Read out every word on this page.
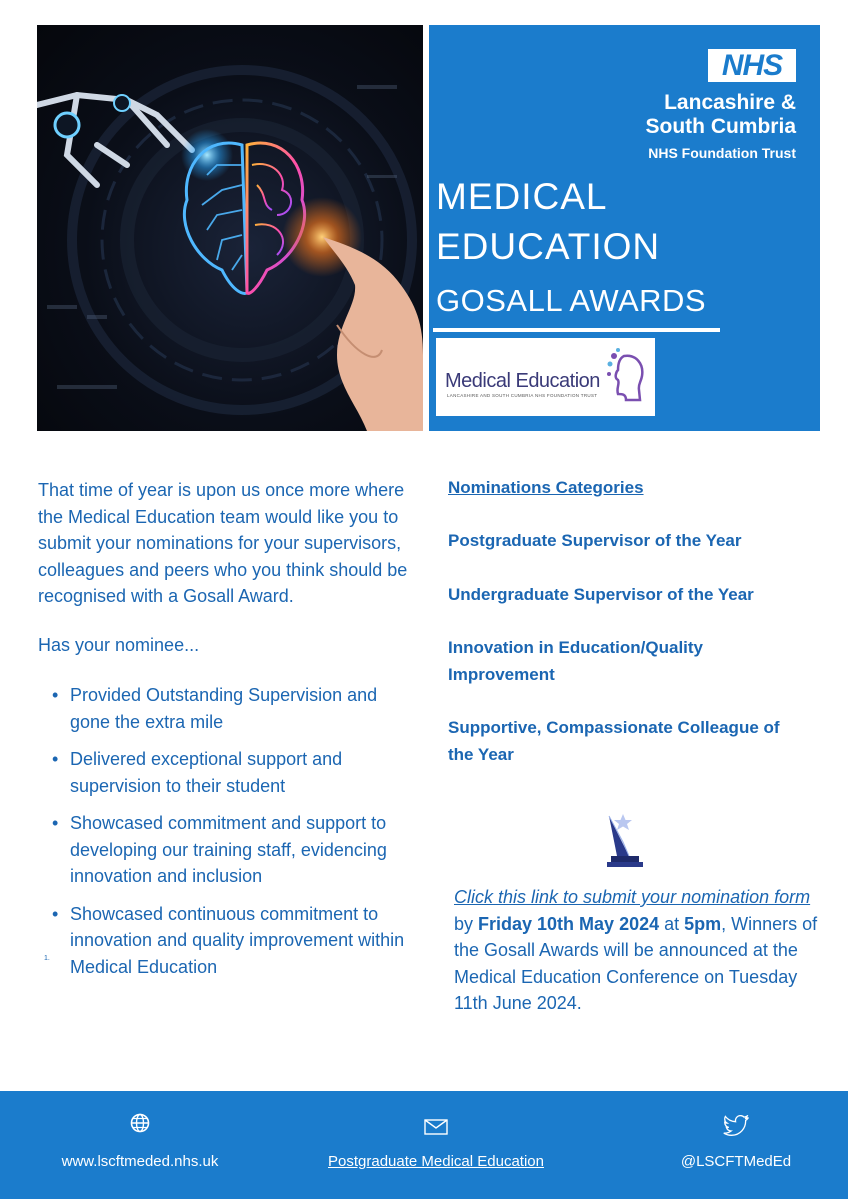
NHS
Lancashire &
South Cumbria
NHS Foundation Trust
MEDICAL
EDUCATION
GOSALL AWARDS
Medical Education
LANCASHIRE AND SOUTH CUMBRIA NHS FOUNDATION TRUST

That time of year is upon us once more where the Medical Education team would like you to submit your nominations for your supervisors, colleagues and peers who you think should be recognised with a Gosall Award.

Has your nominee...

• Provided Outstanding Supervision and gone the extra mile
• Delivered exceptional support and supervision to their student
• Showcased commitment and support to developing our training staff, evidencing innovation and inclusion
• Showcased continuous commitment to innovation and quality improvement within Medical Education
1.

Nominations Categories

Postgraduate Supervisor of the Year

Undergraduate Supervisor of the Year

Innovation in Education/Quality Improvement

Supportive, Compassionate Colleague of the Year

Click this link to submit your nomination form by Friday 10th May 2024 at 5pm, Winners of the Gosall Awards will be announced at the Medical Education Conference on Tuesday 11th June 2024.
www.lscftmeded.nhs.uk	Postgraduate Medical Education	@LSCFTMedEd
